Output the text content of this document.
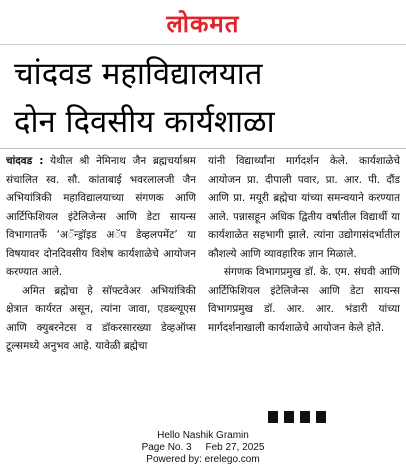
लोकमत
चांदवड महाविद्यालयात
दोन दिवसीय कार्यशाळा

चांदवड : येथील श्री नेमिनाथ जैन ब्रह्मचर्याश्रम संचालित स्व. सौ. कांताबाई भवरलालजी जैन अभियांत्रिकी महाविद्यालयाच्या संगणक आणि आर्टिफिशियल इंटेलिजेन्स आणि डेटा सायन्स विभागातर्फे ‘अॅन्ड्रॉइड अॅप डेव्हलपमेंट’ या विषयावर दोनदिवसीय विशेष कार्यशाळेचे आयोजन करण्यात आले.

अमित ब्रह्मेचा हे सॉफ्टवेअर अभियांत्रिकी क्षेत्रात कार्यरत असून, त्यांना जावा, एडब्ल्यूएस आणि क्युबरनेटस व डॉकरसारख्या डेव्हऑप्स टूल्समध्ये अनुभव आहे. यावेळी ब्रह्मेचा

यांनी विद्यार्थ्यांना मार्गदर्शन केले. कार्यशाळेचे आयोजन प्रा. दीपाली पवार, प्रा. आर. पी. दौंड आणि प्रा. मयूरी ब्रह्मेचा यांच्या समन्वयाने करण्यात आले. पन्नासहून अधिक द्वितीय वर्षातील विद्यार्थी या कार्यशाळेत सहभागी झाले. त्यांना उद्योगासंदर्भातील कौशल्ये आणि व्यावहारिक ज्ञान मिळाले.

संगणक विभागप्रमुख डॉ. के. एम. संघवी आणि आर्टिफिशियल इंटेलिजेन्स आणि डेटा सायन्स विभागप्रमुख डॉ. आर. आर. भंडारी यांच्या मार्गदर्शनाखाली कार्यशाळेचे आयोजन केले होते.

Hello Nashik Gramin
Page No. 3     Feb 27, 2025
Powered by: erelego.com
